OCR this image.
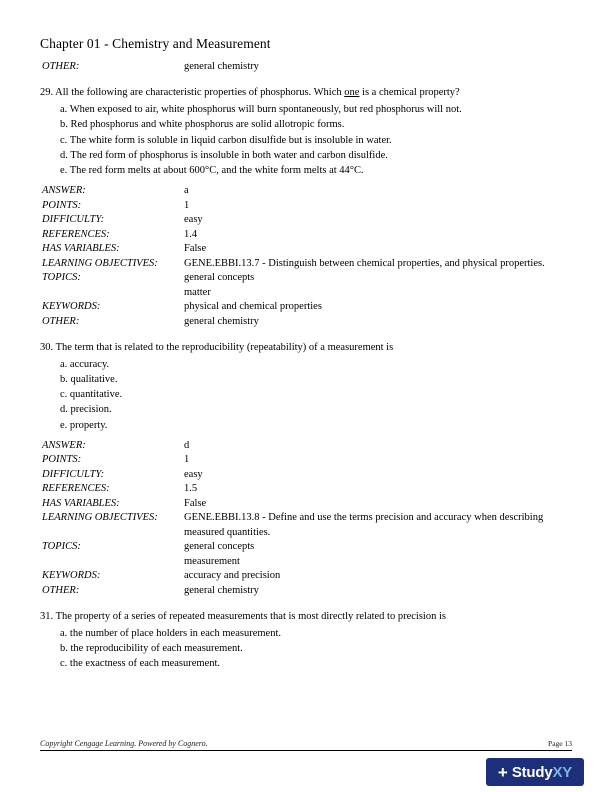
Chapter 01 - Chemistry and Measurement
OTHER:	general chemistry

29. All the following are characteristic properties of phosphorus. Which one is a chemical property?

a. When exposed to air, white phosphorus will burn spontaneously, but red phosphorus will not.

b. Red phosphorus and white phosphorus are solid allotropic forms.

c. The white form is soluble in liquid carbon disulfide but is insoluble in water.

d. The red form of phosphorus is insoluble in both water and carbon disulfide.

e. The red form melts at about 600°C, and the white form melts at 44°C.

ANSWER:	a
POINTS:	1
DIFFICULTY:	easy
REFERENCES:	1.4
HAS VARIABLES:	False
LEARNING OBJECTIVES:	GENE.EBBI.13.7 - Distinguish between chemical properties, and physical properties.
TOPICS:	general concepts
matter
KEYWORDS:	physical and chemical properties
OTHER:	general chemistry

30. The term that is related to the reproducibility (repeatability) of a measurement is

a. accuracy.

b. qualitative.

c. quantitative.

d. precision.

e. property.

ANSWER:	d
POINTS:	1
DIFFICULTY:	easy
REFERENCES:	1.5
HAS VARIABLES:	False
LEARNING OBJECTIVES:	GENE.EBBI.13.8 - Define and use the terms precision and accuracy when describing measured quantities.
TOPICS:	general concepts
measurement
KEYWORDS:	accuracy and precision
OTHER:	general chemistry

31. The property of a series of repeated measurements that is most directly related to precision is

a. the number of place holders in each measurement.

b. the reproducibility of each measurement.

c. the exactness of each measurement.

Copyright Cengage Learning. Powered by Cognero.	Page 13
+ StudyXY
